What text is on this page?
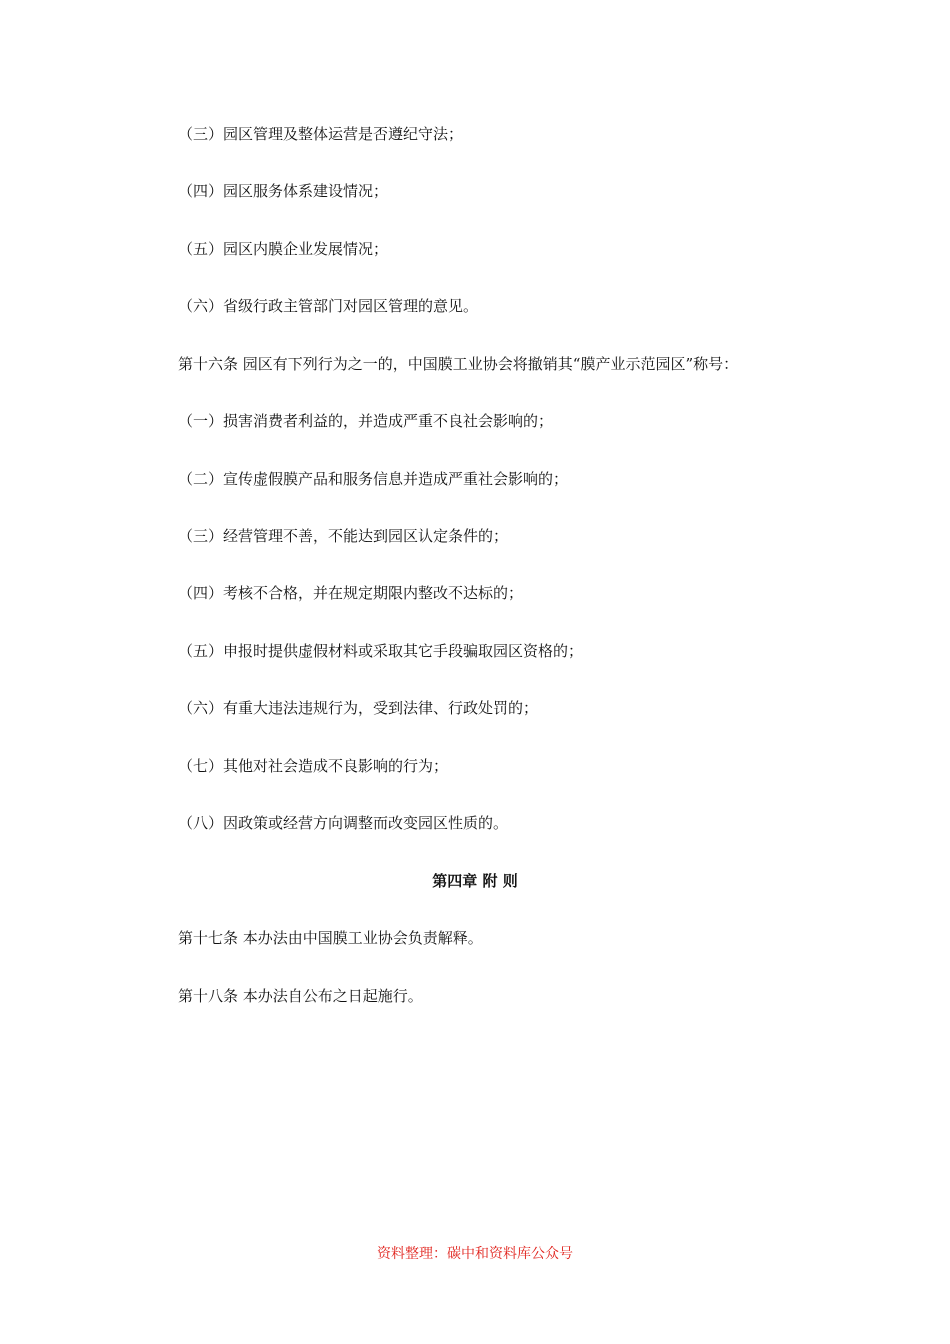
（三）园区管理及整体运营是否遵纪守法；
（四）园区服务体系建设情况；
（五）园区内膜企业发展情况；
（六）省级行政主管部门对园区管理的意见。
第十六条 园区有下列行为之一的，中国膜工业协会将撤销其“膜产业示范园区”称号：
（一）损害消费者利益的，并造成严重不良社会影响的；
（二）宣传虚假膜产品和服务信息并造成严重社会影响的；
（三）经营管理不善，不能达到园区认定条件的；
（四）考核不合格，并在规定期限内整改不达标的；
（五）申报时提供虚假材料或采取其它手段骗取园区资格的；
（六）有重大违法违规行为，受到法律、行政处罚的；
（七）其他对社会造成不良影响的行为；
（八）因政策或经营方向调整而改变园区性质的。
第四章 附 则
第十七条 本办法由中国膜工业协会负责解释。
第十八条 本办法自公布之日起施行。
资料整理：碳中和资料库公众号
